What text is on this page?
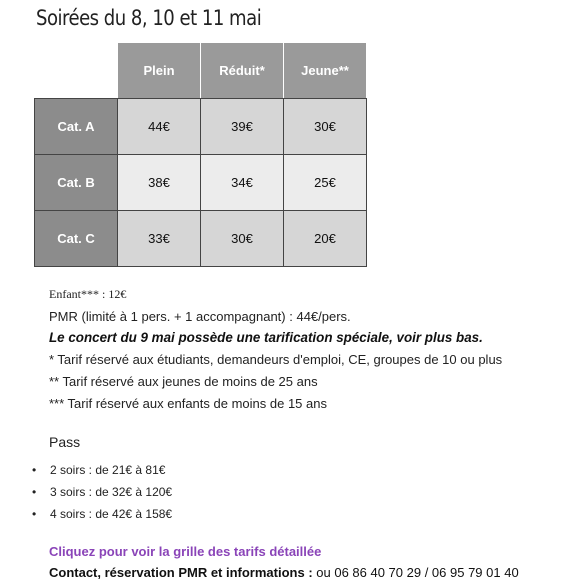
Soirées du 8, 10 et 11 mai
	Plein	Réduit*	Jeune**
Cat. A	44€	39€	30€
Cat. B	38€	34€	25€
Cat. C	33€	30€	20€
Enfant*** : 12€
PMR (limité à 1 pers. + 1 accompagnant) : 44€/pers.
Le concert du 9 mai possède une tarification spéciale, voir plus bas.
* Tarif réservé aux étudiants, demandeurs d'emploi, CE, groupes de 10 ou plus
** Tarif réservé aux jeunes de moins de 25 ans
*** Tarif réservé aux enfants de moins de 15 ans
Pass
• 2 soirs : de 21€ à 81€
• 3 soirs : de 32€ à 120€
• 4 soirs : de 42€ à 158€
Cliquez pour voir la grille des tarifs détaillée
Contact, réservation PMR et informations : ou 06 86 40 70 29 / 06 95 79 01 40
